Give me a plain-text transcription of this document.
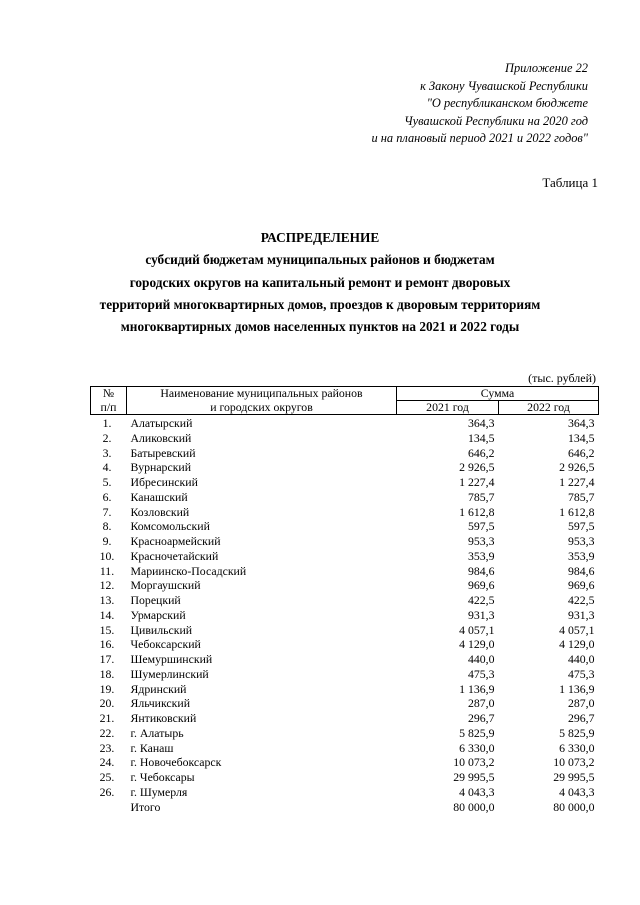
Приложение 22
к Закону Чувашской Республики
"О республиканском бюджете
Чувашской Республики на 2020 год
и на плановый период 2021 и 2022 годов"
Таблица 1
РАСПРЕДЕЛЕНИЕ
субсидий бюджетам муниципальных районов и бюджетам
городских округов на капитальный ремонт и ремонт дворовых
территорий многоквартирных домов, проездов к дворовым территориям
многоквартирных домов населенных пунктов на 2021 и 2022 годы
(тыс. рублей)
№	Наименование муниципальных районов	Сумма	
п/п	и городских округов	2021 год	2022 год
1.	Алатырский	364,3	364,3
2.	Аликовский	134,5	134,5
3.	Батыревский	646,2	646,2
4.	Вурнарский	2 926,5	2 926,5
5.	Ибресинский	1 227,4	1 227,4
6.	Канашский	785,7	785,7
7.	Козловский	1 612,8	1 612,8
8.	Комсомольский	597,5	597,5
9.	Красноармейский	953,3	953,3
10.	Красночетайский	353,9	353,9
11.	Мариинско-Посадский	984,6	984,6
12.	Моргаушский	969,6	969,6
13.	Порецкий	422,5	422,5
14.	Урмарский	931,3	931,3
15.	Цивильский	4 057,1	4 057,1
16.	Чебоксарский	4 129,0	4 129,0
17.	Шемуршинский	440,0	440,0
18.	Шумерлинский	475,3	475,3
19.	Ядринский	1 136,9	1 136,9
20.	Яльчикский	287,0	287,0
21.	Янтиковский	296,7	296,7
22.	г. Алатырь	5 825,9	5 825,9
23.	г. Канаш	6 330,0	6 330,0
24.	г. Новочебоксарск	10 073,2	10 073,2
25.	г. Чебоксары	29 995,5	29 995,5
26.	г. Шумерля	4 043,3	4 043,3
	Итого	80 000,0	80 000,0
